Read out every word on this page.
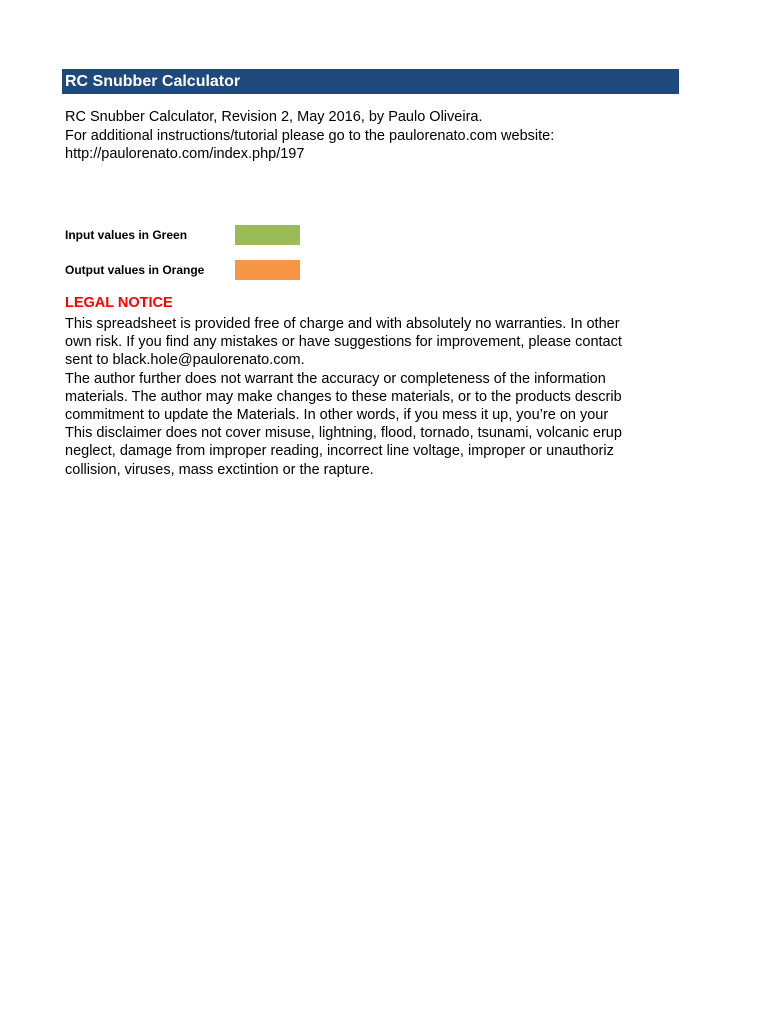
RC Snubber Calculator
RC Snubber Calculator, Revision 2, May 2016, by Paulo Oliveira.
For additional instructions/tutorial please go to the paulorenato.com website:
http://paulorenato.com/index.php/197
Input values in Green
Output values in Orange
LEGAL NOTICE
This spreadsheet is provided free of charge and with absolutely no warranties. In other
own risk. If you find any mistakes or have suggestions for improvement, please contact
sent to black.hole@paulorenato.com.
The author further does not warrant the accuracy or completeness of the information
materials. The author may make changes to these materials, or to the products describ
commitment to update the Materials. In other words, if you mess it up, you’re on your
This disclaimer does not cover misuse, lightning, flood, tornado, tsunami, volcanic erup
neglect, damage from improper reading, incorrect line voltage, improper or unauthoriz
collision, viruses, mass exctintion or the rapture.
